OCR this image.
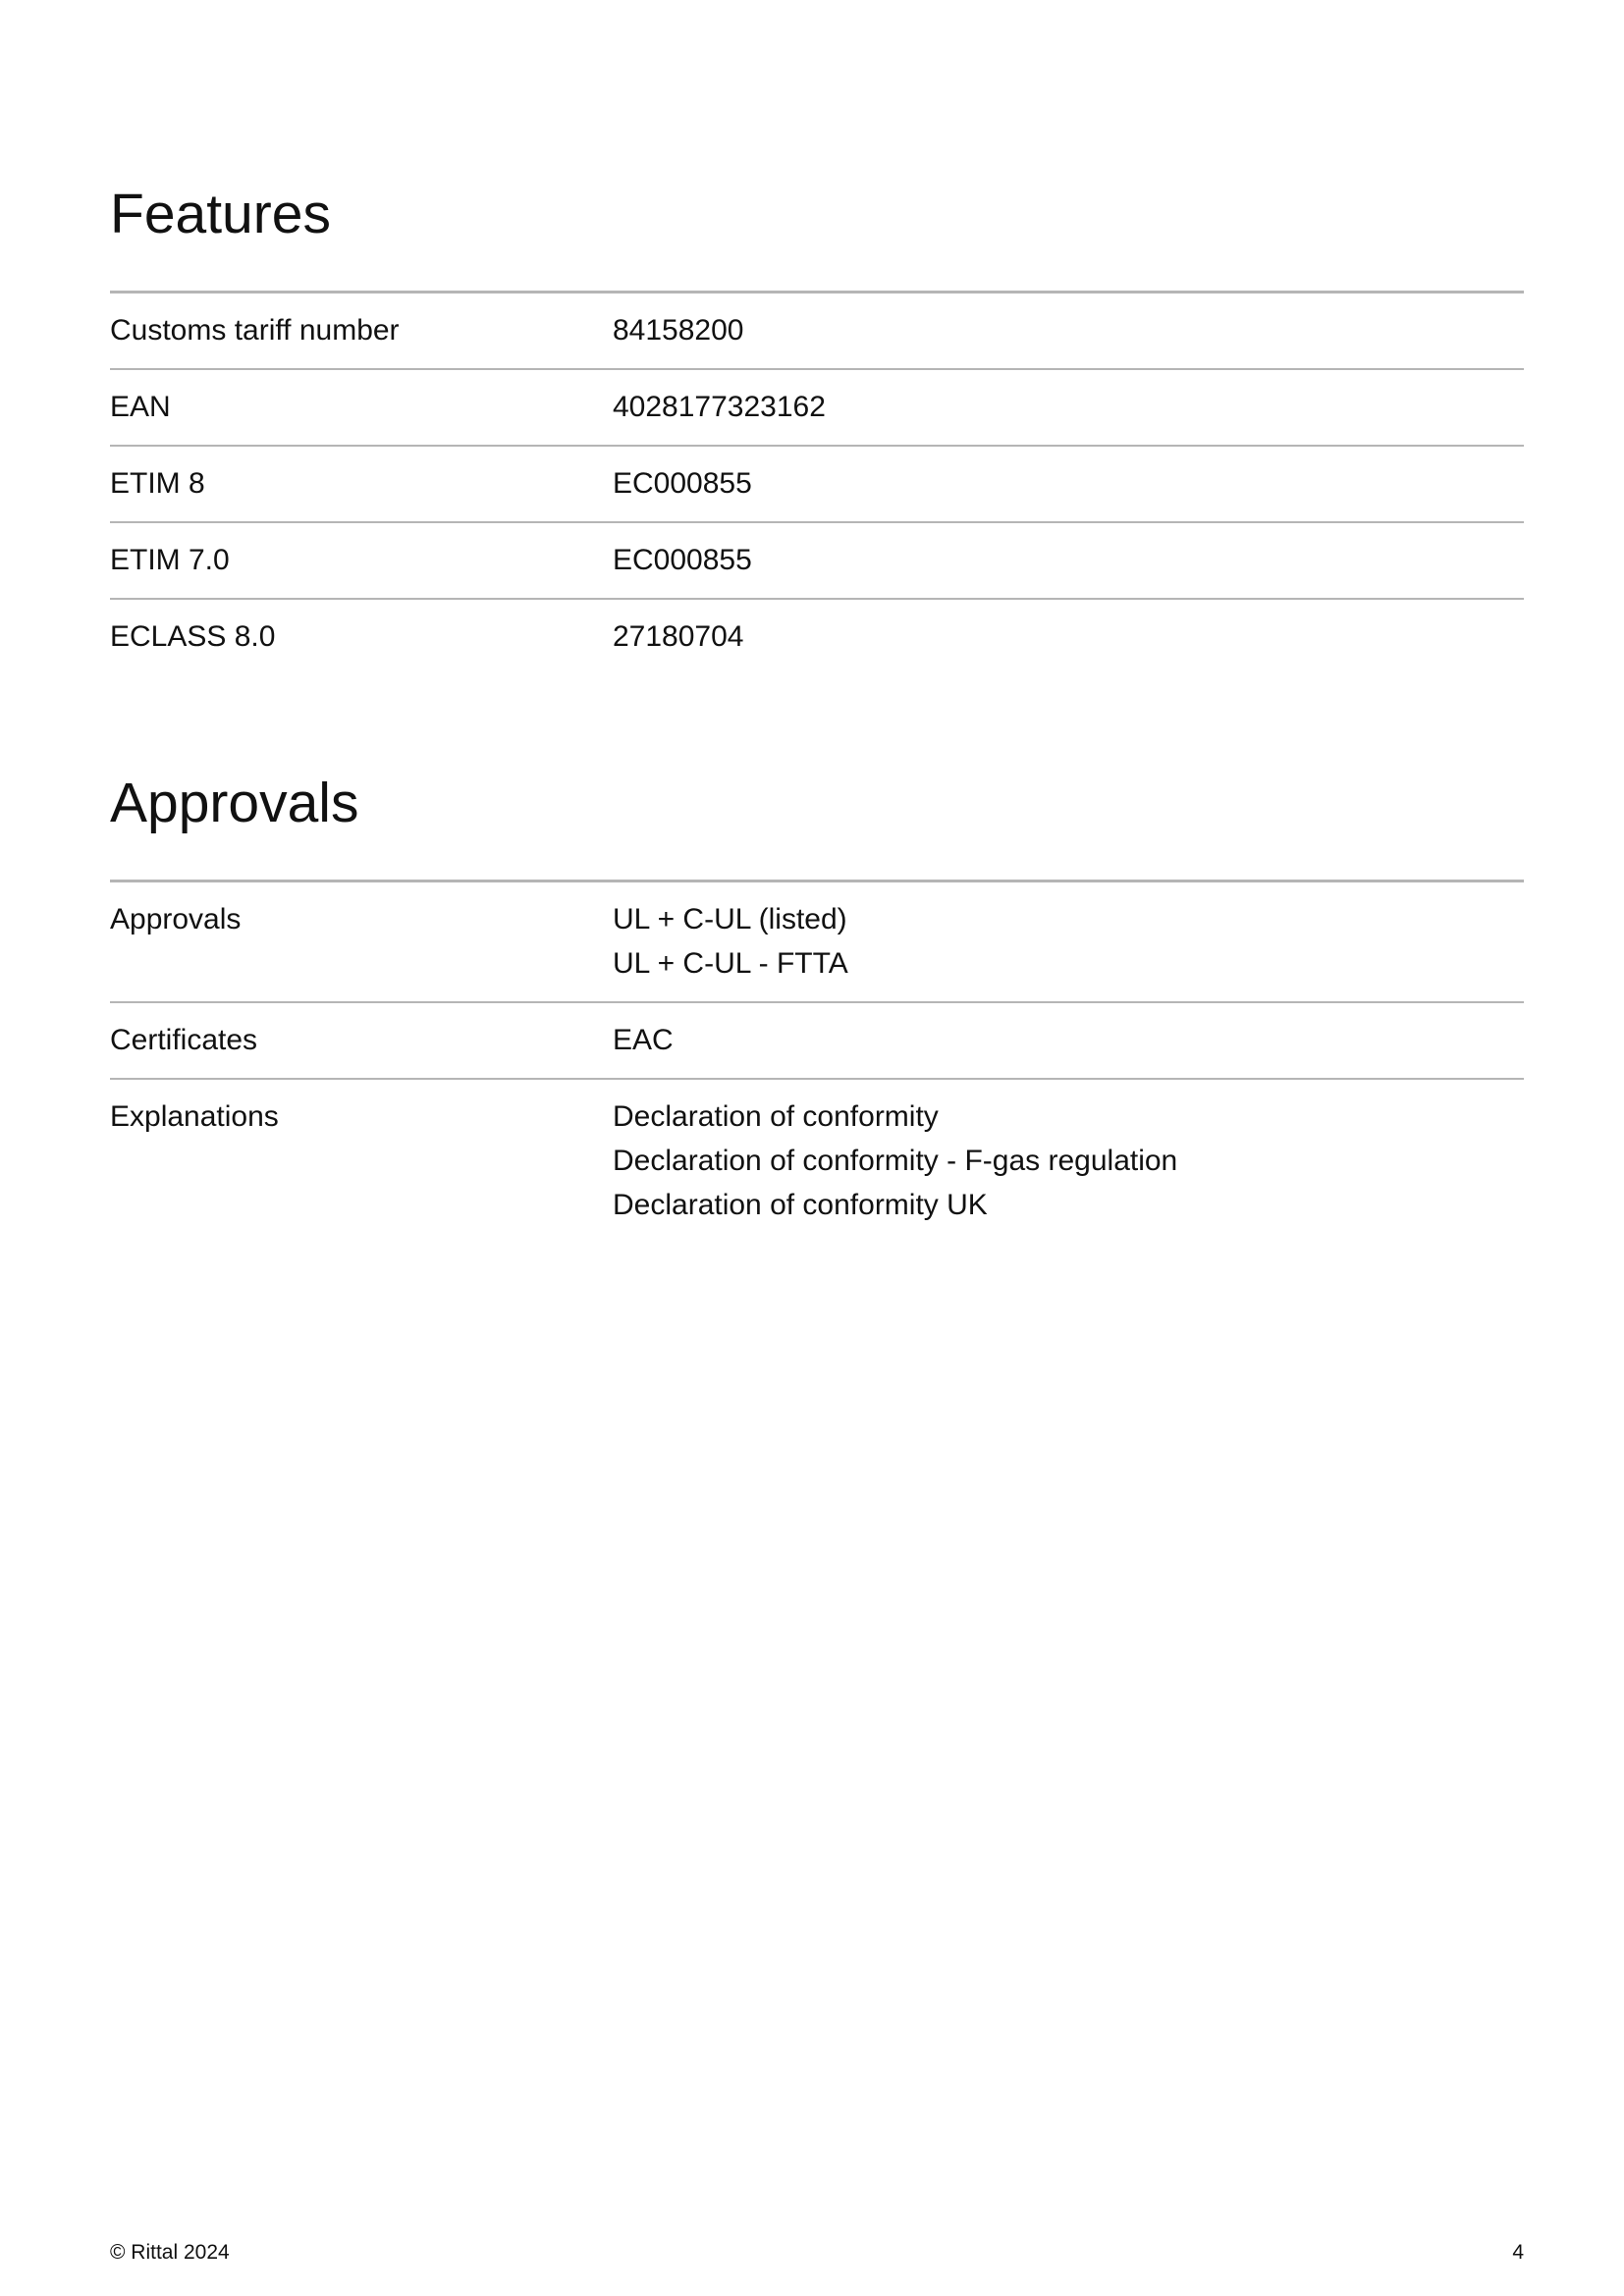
Features
Customs tariff number	84158200
EAN	4028177323162
ETIM 8	EC000855
ETIM 7.0	EC000855
ECLASS 8.0	27180704
Approvals
Approvals	UL + C-UL (listed)
UL + C-UL - FTTA
Certificates	EAC
Explanations	Declaration of conformity
Declaration of conformity - F-gas regulation
Declaration of conformity UK
© Rittal 2024	4
